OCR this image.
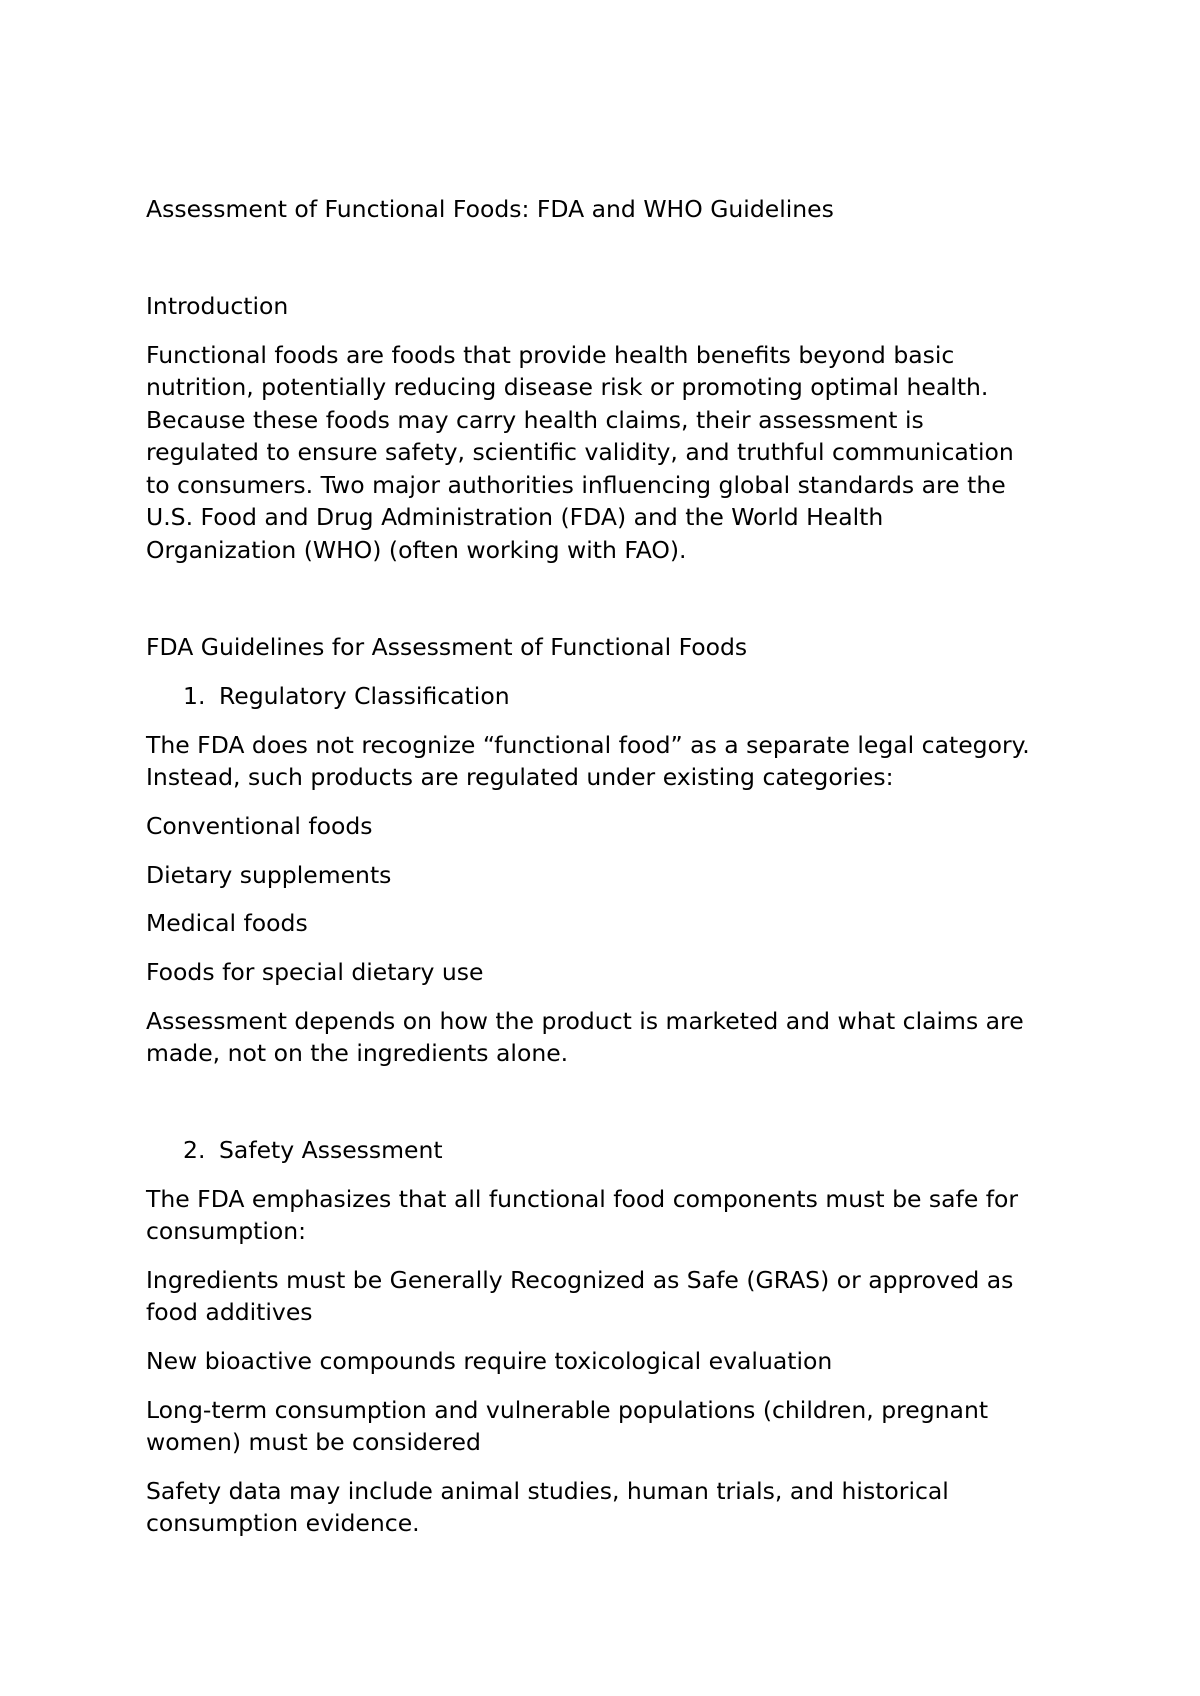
Assessment of Functional Foods: FDA and WHO Guidelines

Introduction

Functional foods are foods that provide health benefits beyond basic

nutrition, potentially reducing disease risk or promoting optimal health.

Because these foods may carry health claims, their assessment is

regulated to ensure safety, scientific validity, and truthful communication

to consumers. Two major authorities influencing global standards are the

U.S. Food and Drug Administration (FDA) and the World Health

Organization (WHO) (often working with FAO).

FDA Guidelines for Assessment of Functional Foods

1. Regulatory Classification

The FDA does not recognize “functional food” as a separate legal category.

Instead, such products are regulated under existing categories:

Conventional foods

Dietary supplements

Medical foods

Foods for special dietary use

Assessment depends on how the product is marketed and what claims are

made, not on the ingredients alone.

2. Safety Assessment

The FDA emphasizes that all functional food components must be safe for

consumption:

Ingredients must be Generally Recognized as Safe (GRAS) or approved as

food additives

New bioactive compounds require toxicological evaluation

Long-term consumption and vulnerable populations (children, pregnant

women) must be considered

Safety data may include animal studies, human trials, and historical

consumption evidence.
